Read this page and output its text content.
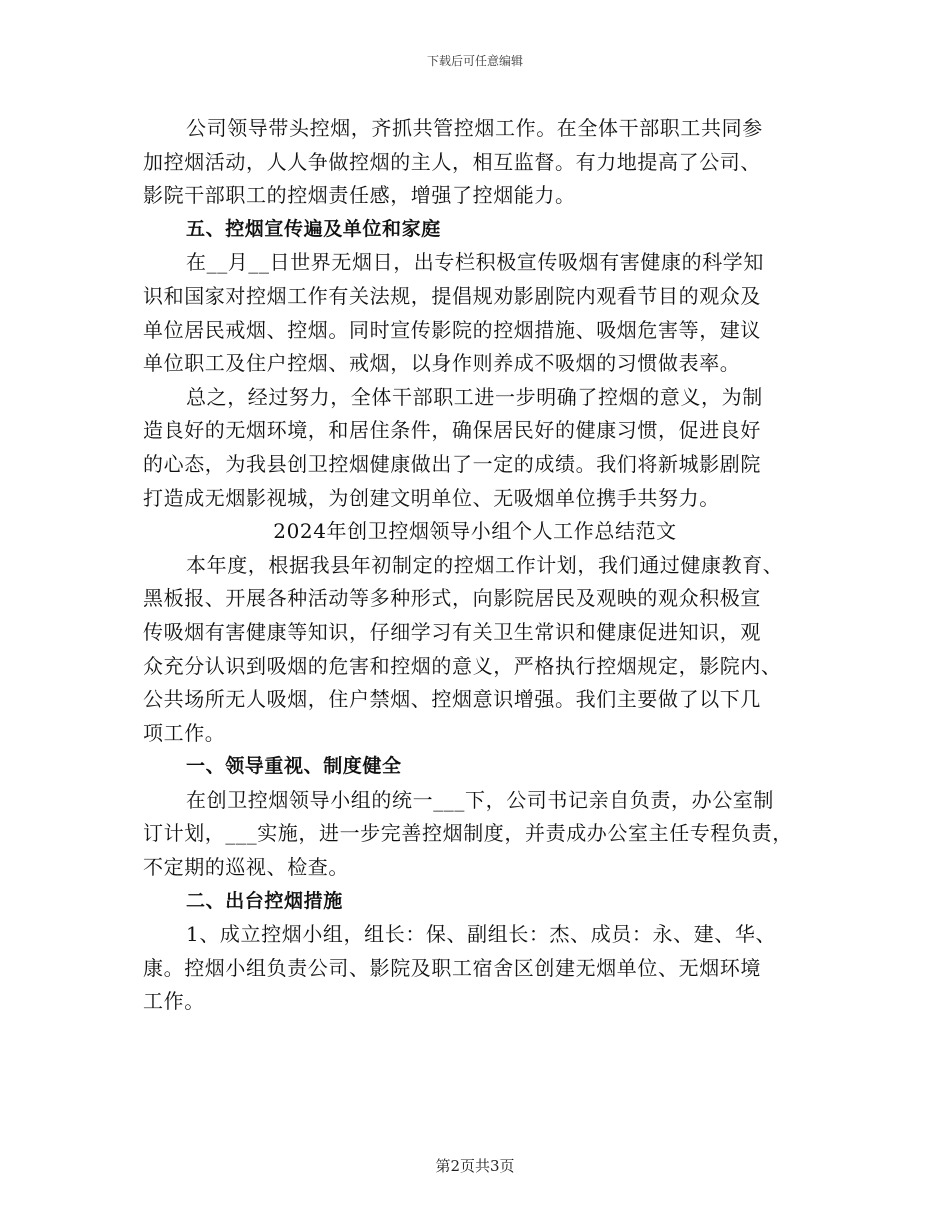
下载后可任意编辑
公司领导带头控烟，齐抓共管控烟工作。在全体干部职工共同参
加控烟活动，人人争做控烟的主人，相互监督。有力地提高了公司、
影院干部职工的控烟责任感，增强了控烟能力。
五、控烟宣传遍及单位和家庭
在__月__日世界无烟日，出专栏积极宣传吸烟有害健康的科学知
识和国家对控烟工作有关法规，提倡规劝影剧院内观看节目的观众及
单位居民戒烟、控烟。同时宣传影院的控烟措施、吸烟危害等，建议
单位职工及住户控烟、戒烟，以身作则养成不吸烟的习惯做表率。
总之，经过努力，全体干部职工进一步明确了控烟的意义，为制
造良好的无烟环境，和居住条件，确保居民好的健康习惯，促进良好
的心态，为我县创卫控烟健康做出了一定的成绩。我们将新城影剧院
打造成无烟影视城，为创建文明单位、无吸烟单位携手共努力。
2024年创卫控烟领导小组个人工作总结范文
本年度，根据我县年初制定的控烟工作计划，我们通过健康教育、
黑板报、开展各种活动等多种形式，向影院居民及观映的观众积极宣
传吸烟有害健康等知识，仔细学习有关卫生常识和健康促进知识，观
众充分认识到吸烟的危害和控烟的意义，严格执行控烟规定，影院内、
公共场所无人吸烟，住户禁烟、控烟意识增强。我们主要做了以下几
项工作。
一、领导重视、制度健全
在创卫控烟领导小组的统一___下，公司书记亲自负责，办公室制
订计划，___实施，进一步完善控烟制度，并责成办公室主任专程负责，
不定期的巡视、检查。
二、出台控烟措施
1、成立控烟小组，组长：保、副组长：杰、成员：永、建、华、
康。控烟小组负责公司、影院及职工宿舍区创建无烟单位、无烟环境
工作。
第2页共3页
